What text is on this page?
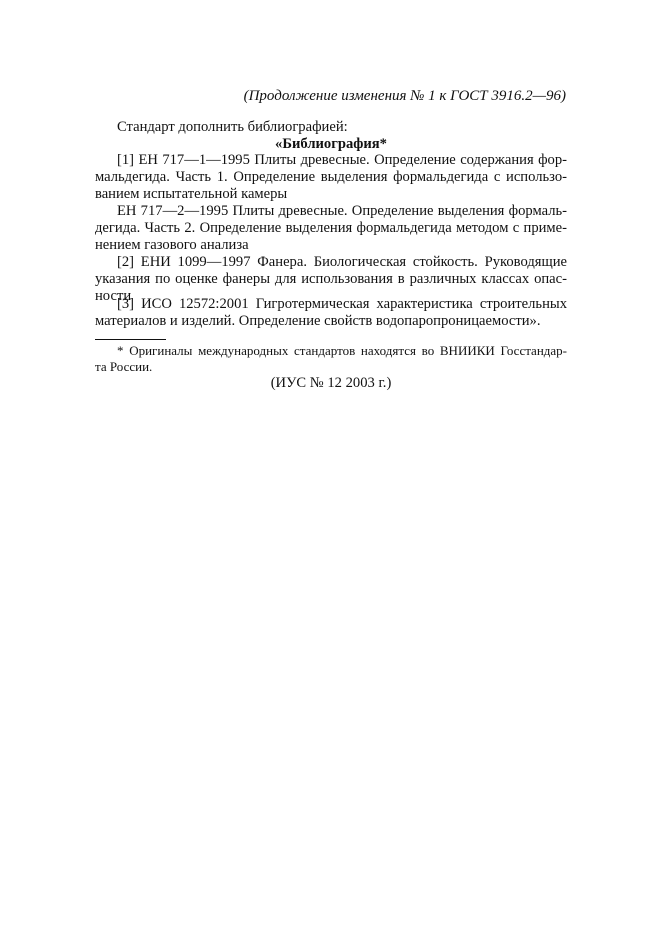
(Продолжение изменения № 1 к ГОСТ 3916.2—96)
Стандарт дополнить библиографией:
«Библиография*
[1] ЕН 717—1—1995 Плиты древесные. Определение содержания фор-
мальдегида. Часть 1. Определение выделения формальдегида с использо-
ванием испытательной камеры
ЕН 717—2—1995 Плиты древесные. Определение выделения формаль-
дегида. Часть 2. Определение выделения формальдегида методом с приме-
нением газового анализа
[2] ЕНИ 1099—1997 Фанера. Биологическая стойкость. Руководящие
указания по оценке фанеры для использования в различных классах опас-
ности
[3] ИСО 12572:2001 Гигротермическая характеристика строительных
материалов и изделий. Определение свойств водопаропроницаемости».
* Оригиналы международных стандартов находятся во ВНИИКИ Госстандар-
та России.
(ИУС № 12 2003 г.)
